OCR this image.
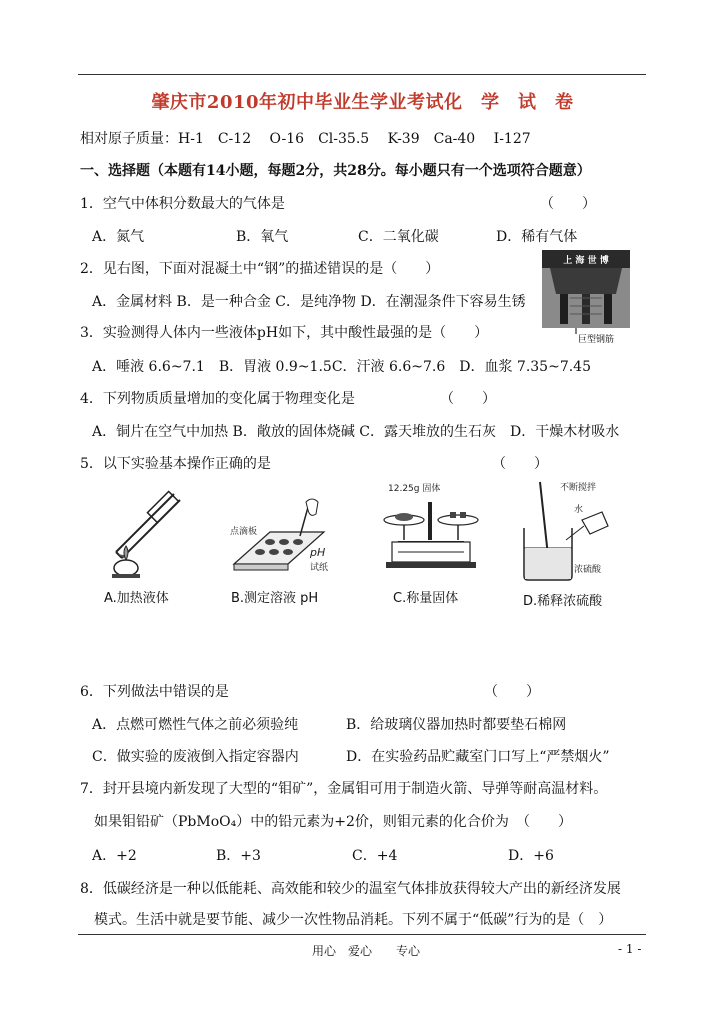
肇庆市2010年初中毕业生学业考试化　学　试　卷
相对原子质量：H-1　C-12　 O-16　Cl-35.5　 K-39　Ca-40　 I-127
一、选择题（本题有14小题，每题2分，共28分。每小题只有一个选项符合题意）
1．空气中体积分数最大的气体是	（　　）
A．氮气	B．氧气	C．二氧化碳	D．稀有气体
2．见右图，下面对混凝土中“钢”的描述错误的是（　　）
A．金属材料 B．是一种合金 C．是纯净物 D．在潮湿条件下容易生锈
上 海 世 博
巨型钢筋
3．实验测得人体内一些液体pH如下，其中酸性最强的是（　　）
A．唾液 6.6~7.1　B．胃液 0.9~1.5C．汗液 6.6~7.6　D．血浆 7.35~7.45
4．下列物质质量增加的变化属于物理变化是	（　　）
A．铜片在空气中加热 B．敞放的固体烧碱 C．露天堆放的生石灰　D．干燥木材吸水
5．以下实验基本操作正确的是	（　　）
A.加热液体
点滴板
pH
试纸
B.测定溶液 pH
12.25g 固体
C.称量固体
不断搅拌
水
浓硫酸
D.稀释浓硫酸
6．下列做法中错误的是	（　　）
A．点燃可燃性气体之前必须验纯	B．给玻璃仪器加热时都要垫石棉网
C．做实验的废液倒入指定容器内	D．在实验药品贮藏室门口写上“严禁烟火”
7．封开县境内新发现了大型的“钼矿”，金属钼可用于制造火箭、导弹等耐高温材料。
如果钼铅矿（PbMoO₄）中的铅元素为+2价，则钼元素的化合价为 （　　）
A．+2	B．+3	C．+4	D．+6
8．低碳经济是一种以低能耗、高效能和较少的温室气体排放获得较大产出的新经济发展
模式。生活中就是要节能、减少一次性物品消耗。下列不属于“低碳”行为的是（　）
用心　爱心　　专心	- 1 -
